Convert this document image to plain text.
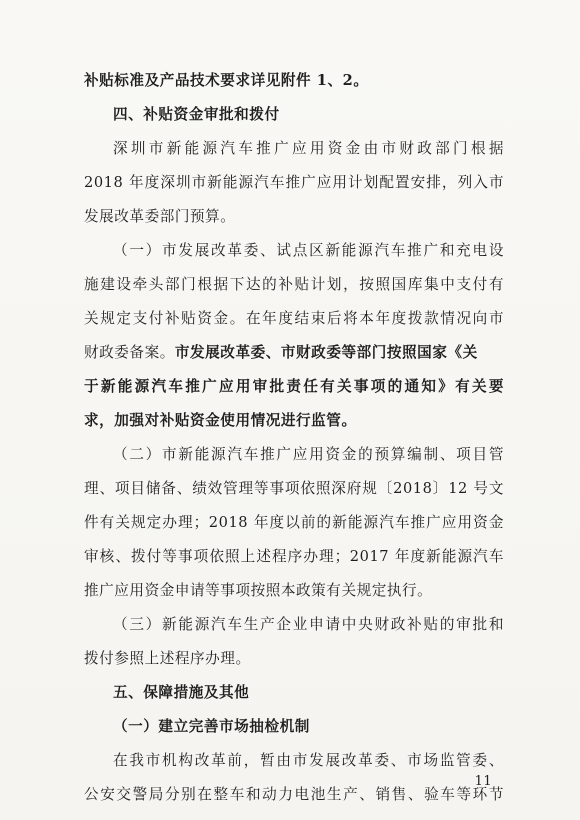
补贴标准及产品技术要求详见附件 1、2。
四、补贴资金审批和拨付
深圳市新能源汽车推广应用资金由市财政部门根据
2018 年度深圳市新能源汽车推广应用计划配置安排，列入市
发展改革委部门预算。
（一）市发展改革委、试点区新能源汽车推广和充电设
施建设牵头部门根据下达的补贴计划，按照国库集中支付有
关规定支付补贴资金。在年度结束后将本年度拨款情况向市
财政委备案。市发展改革委、市财政委等部门按照国家《关
于新能源汽车推广应用审批责任有关事项的通知》有关要
求，加强对补贴资金使用情况进行监管。
（二）市新能源汽车推广应用资金的预算编制、项目管
理、项目储备、绩效管理等事项依照深府规〔2018〕12 号文
件有关规定办理；2018 年度以前的新能源汽车推广应用资金
审核、拨付等事项依照上述程序办理；2017 年度新能源汽车
推广应用资金申请等事项按照本政策有关规定执行。
（三）新能源汽车生产企业申请中央财政补贴的审批和
拨付参照上述程序办理。
五、保障措施及其他
（一）建立完善市场抽检机制
在我市机构改革前，暂由市发展改革委、市场监管委、
公安交警局分别在整车和动力电池生产、销售、验车等环节
11
